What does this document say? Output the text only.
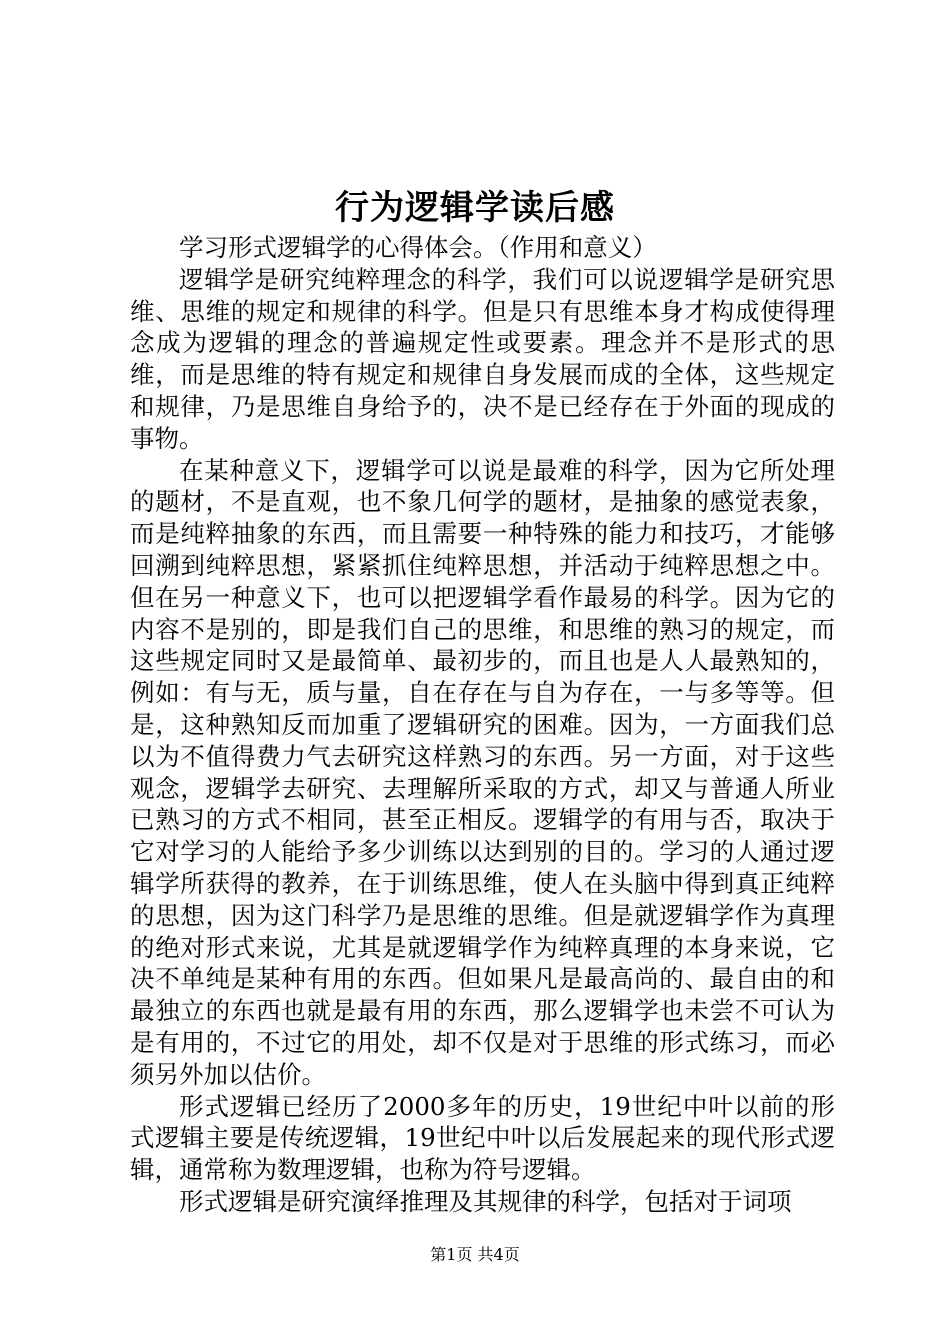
行为逻辑学读后感

学习形式逻辑学的心得体会。（作用和意义）

逻辑学是研究纯粹理念的科学，我们可以说逻辑学是研究思维、思维的规定和规律的科学。但是只有思维本身才构成使得理念成为逻辑的理念的普遍规定性或要素。理念并不是形式的思维，而是思维的特有规定和规律自身发展而成的全体，这些规定和规律，乃是思维自身给予的，决不是已经存在于外面的现成的事物。

在某种意义下，逻辑学可以说是最难的科学，因为它所处理的题材，不是直观，也不象几何学的题材，是抽象的感觉表象，而是纯粹抽象的东西，而且需要一种特殊的能力和技巧，才能够回溯到纯粹思想，紧紧抓住纯粹思想，并活动于纯粹思想之中。但在另一种意义下，也可以把逻辑学看作最易的科学。因为它的内容不是别的，即是我们自己的思维，和思维的熟习的规定，而这些规定同时又是最简单、最初步的，而且也是人人最熟知的，例如：有与无，质与量，自在存在与自为存在，一与多等等。但是，这种熟知反而加重了逻辑研究的困难。因为，一方面我们总以为不值得费力气去研究这样熟习的东西。另一方面，对于这些观念，逻辑学去研究、去理解所采取的方式，却又与普通人所业已熟习的方式不相同，甚至正相反。逻辑学的有用与否，取决于它对学习的人能给予多少训练以达到别的目的。学习的人通过逻辑学所获得的教养，在于训练思维，使人在头脑中得到真正纯粹的思想，因为这门科学乃是思维的思维。但是就逻辑学作为真理的绝对形式来说，尤其是就逻辑学作为纯粹真理的本身来说，它决不单纯是某种有用的东西。但如果凡是最高尚的、最自由的和最独立的东西也就是最有用的东西，那么逻辑学也未尝不可认为是有用的，不过它的用处，却不仅是对于思维的形式练习，而必须另外加以估价。

形式逻辑已经历了2000多年的历史，19世纪中叶以前的形式逻辑主要是传统逻辑，19世纪中叶以后发展起来的现代形式逻辑，通常称为数理逻辑，也称为符号逻辑。

形式逻辑是研究演绎推理及其规律的科学，包括对于词项

第1页 共4页
